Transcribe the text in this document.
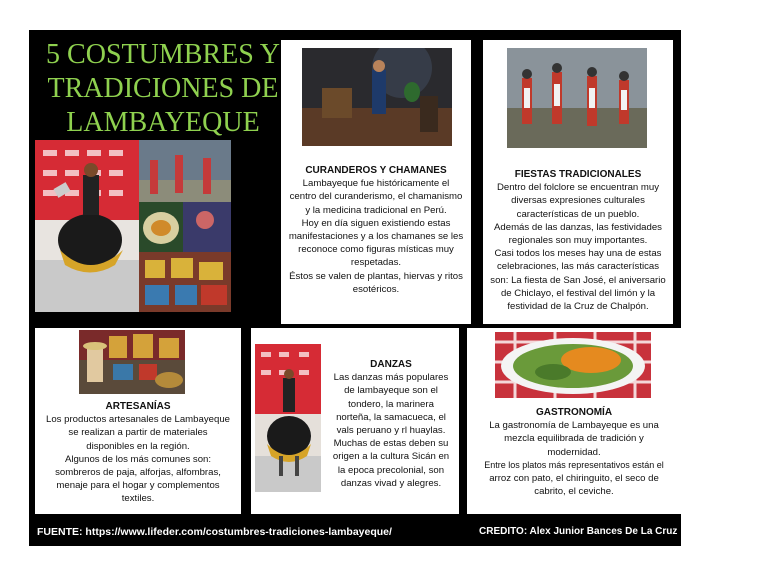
5 COSTUMBRES Y
TRADICIONES DE
LAMBAYEQUE
CURANDEROS Y CHAMANES

Lambayeque fue históricamente el

centro del curanderismo, el chamanismo

y la medicina tradicional en Perú.

Hoy en día siguen existiendo estas

manifestaciones y a los chamanes se les

reconoce como figuras místicas muy

respetadas.

Éstos se valen de plantas, hiervas y ritos

esotéricos.

FIESTAS TRADICIONALES

Dentro del folclore se encuentran muy

diversas expresiones culturales

características de un pueblo.

Además de las danzas, las festividades

regionales son muy importantes.

Casi todos los meses hay una de estas

celebraciones, las más características

son: La fiesta de San José, el aniversario

de Chiclayo, el festival del limón y la

festividad de la Cruz de Chalpón.

ARTESANÍAS

Los productos artesanales de Lambayeque

se realizan a partir de materiales

disponibles en la región.

Algunos de los más comunes son:

sombreros de paja, alforjas, alfombras,

menaje para el hogar y complementos

textiles.

DANZAS

Las danzas más populares

de lambayeque son el

tondero, la marinera

norteña, la samacueca, el

vals peruano y rl huaylas.

Muchas de estas deben su

origen a la cultura Sicán en

la epoca precolonial, son

danzas vivad y alegres.

GASTRONOMÍA

La gastronomía de Lambayeque es una

mezcla equilibrada de tradición y

modernidad.

Entre los platos más representativos están el

arroz con pato, el chiringuito, el seco de

cabrito, el ceviche.

FUENTE: https://www.lifeder.com/costumbres-tradiciones-lambayeque/	CREDITO: Alex Junior Bances De La Cruz
